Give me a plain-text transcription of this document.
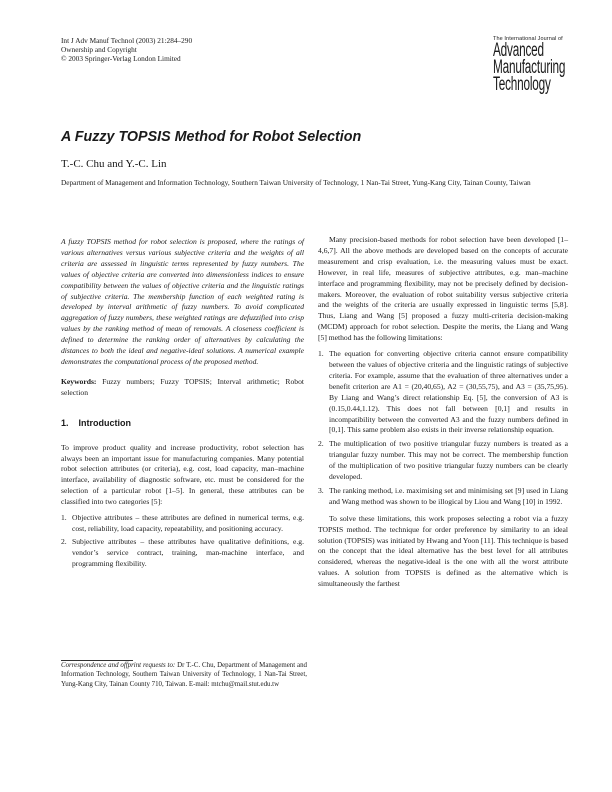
Int J Adv Manuf Technol (2003) 21:284–290
Ownership and Copyright
© 2003 Springer-Verlag London Limited
The International Journal of
Advanced
Manufacturing
Technology
A Fuzzy TOPSIS Method for Robot Selection
T.-C. Chu and Y.-C. Lin
Department of Management and Information Technology, Southern Taiwan University of Technology, 1 Nan-Tai Street, Yung-Kang City, Tainan County, Taiwan

A fuzzy TOPSIS method for robot selection is proposed, where the ratings of various alternatives versus various subjective criteria and the weights of all criteria are assessed in linguistic terms represented by fuzzy numbers. The values of objective criteria are converted into dimensionless indices to ensure compatibility between the values of objective criteria and the linguistic ratings of subjective criteria. The membership function of each weighted rating is developed by interval arithmetic of fuzzy numbers. To avoid complicated aggregation of fuzzy numbers, these weighted ratings are defuzzified into crisp values by the ranking method of mean of removals. A closeness coefficient is defined to determine the ranking order of alternatives by calculating the distances to both the ideal and negative-ideal solutions. A numerical example demonstrates the computational process of the proposed method.

Keywords: Fuzzy numbers; Fuzzy TOPSIS; Interval arithmetic; Robot selection

1. Introduction

To improve product quality and increase productivity, robot selection has always been an important issue for manufacturing companies. Many potential robot selection attributes (or criteria), e.g. cost, load capacity, man–machine interface, availability of diagnostic software, etc. must be considered for the selection of a particular robot [1–5]. In general, these attributes can be classified into two categories [5]:

1. Objective attributes – these attributes are defined in numerical terms, e.g. cost, reliability, load capacity, repeatability, and positioning accuracy.
2. Subjective attributes – these attributes have qualitative definitions, e.g. vendor’s service contract, training, man-machine interface, and programming flexibility.
Correspondence and offprint requests to: Dr T.-C. Chu, Department of Management and Information Technology, Southern Taiwan University of Technology, 1 Nan-Tai Street, Yung-Kang City, Tainan County 710, Taiwan. E-mail: mtchu@mail.stut.edu.tw

Many precision-based methods for robot selection have been developed [1–4,6,7]. All the above methods are developed based on the concepts of accurate measurement and crisp evaluation, i.e. the measuring values must be exact. However, in real life, measures of subjective attributes, e.g. man–machine interface and programming flexibility, may not be precisely defined by decision-makers. Moreover, the evaluation of robot suitability versus subjective criteria and the weights of the criteria are usually expressed in linguistic terms [5,8]. Thus, Liang and Wang [5] proposed a fuzzy multi-criteria decision-making (MCDM) approach for robot selection. Despite the merits, the Liang and Wang [5] method has the following limitations:

1. The equation for converting objective criteria cannot ensure compatibility between the values of objective criteria and the linguistic ratings of subjective criteria. For example, assume that the evaluation of three alternatives under a benefit criterion are A1 = (20,40,65), A2 = (30,55,75), and A3 = (35,75,95). By Liang and Wang’s direct relationship Eq. [5], the conversion of A3 is (0.15,0.44,1.12). This does not fall between [0,1] and results in incompatibility between the converted A3 and the fuzzy numbers defined in [0,1]. This same problem also exists in their inverse relationship equation.
2. The multiplication of two positive triangular fuzzy numbers is treated as a triangular fuzzy number. This may not be correct. The membership function of the multiplication of two positive triangular fuzzy numbers can be clearly developed.
3. The ranking method, i.e. maximising set and minimising set [9] used in Liang and Wang method was shown to be illogical by Liou and Wang [10] in 1992.

To solve these limitations, this work proposes selecting a robot via a fuzzy TOPSIS method. The technique for order preference by similarity to an ideal solution (TOPSIS) was initiated by Hwang and Yoon [11]. This technique is based on the concept that the ideal alternative has the best level for all attributes considered, whereas the negative-ideal is the one with all the worst attribute values. A solution from TOPSIS is defined as the alternative which is simultaneously the farthest
